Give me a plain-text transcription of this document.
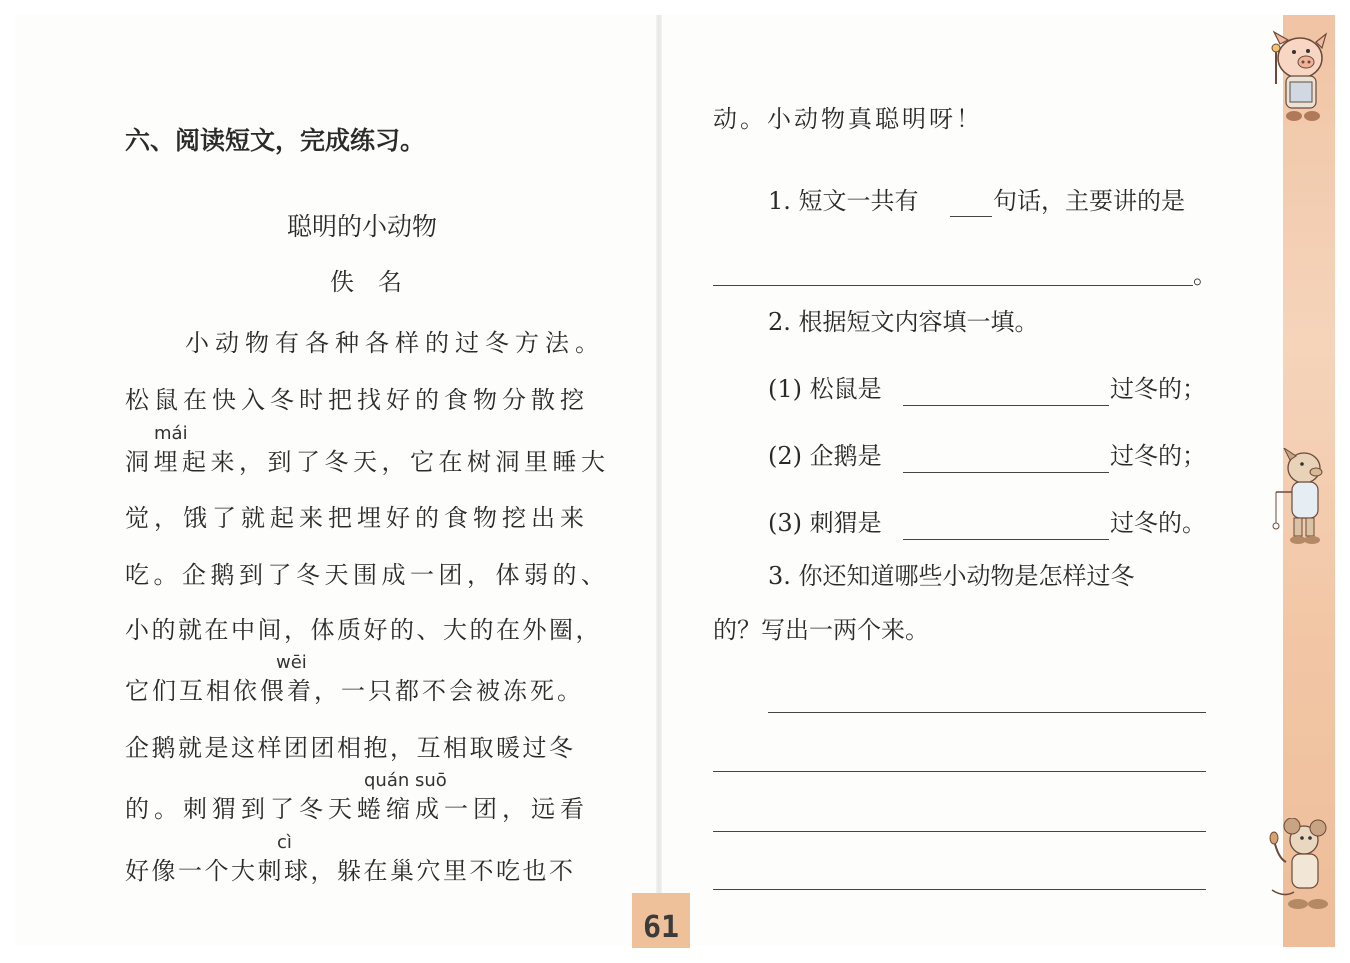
六、阅读短文，完成练习。
聪明的小动物
佚　名
小动物有各种各样的过冬方法。
松鼠在快入冬时把找好的食物分散挖
mái
洞埋起来，到了冬天，它在树洞里睡大
觉，饿了就起来把埋好的食物挖出来
吃。企鹅到了冬天围成一团，体弱的、
小的就在中间，体质好的、大的在外圈，
wēi
它们互相依偎着，一只都不会被冻死。
企鹅就是这样团团相抱，互相取暖过冬
quán suō
的。刺猬到了冬天蜷缩成一团，远看
cì
好像一个大刺球，躲在巢穴里不吃也不
61
动。小动物真聪明呀！
1. 短文一共有	句话，主要讲的是
。
2. 根据短文内容填一填。
(1) 松鼠是	过冬的；
(2) 企鹅是	过冬的；
(3) 刺猬是	过冬的。
3. 你还知道哪些小动物是怎样过冬
的？写出一两个来。
